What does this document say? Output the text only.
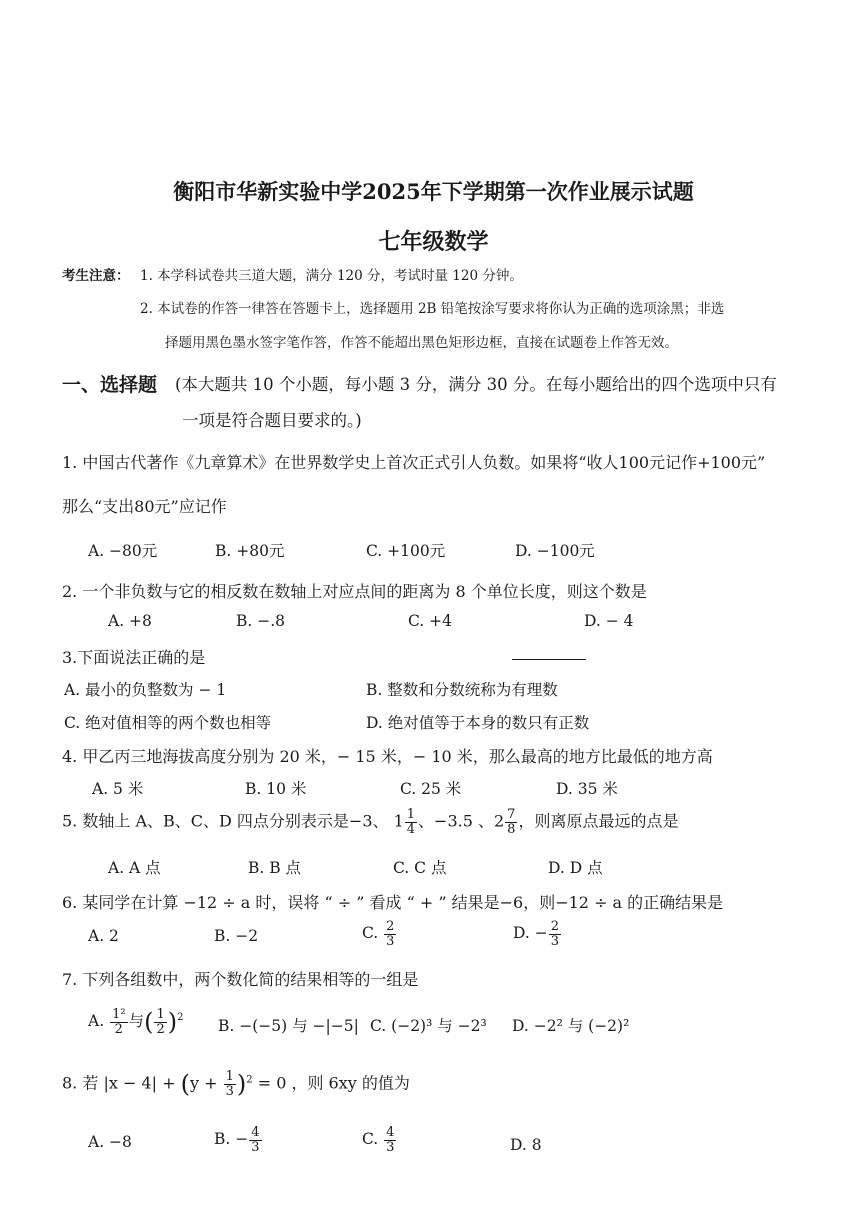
衡阳市华新实验中学2025年下学期第一次作业展示试题
七年级数学
考生注意： 1. 本学科试卷共三道大题，满分 120 分，考试时量 120 分钟。
2. 本试卷的作答一律答在答题卡上，选择题用 2B 铅笔按涂写要求将你认为正确的选项涂黑；非选
择题用黑色墨水签字笔作答，作答不能超出黑色矩形边框，直接在试题卷上作答无效。
一、选择题 (本大题共 10 个小题，每小题 3 分，满分 30 分。在每小题给出的四个选项中只有
一项是符合题目要求的。)
1. 中国古代著作《九章算术》在世界数学史上首次正式引人负数。如果将“收人100元记作+100元”
那么“支出80元”应记作
A. −80元	B. +80元	C. +100元	D. −100元
2. 一个非负数与它的相反数在数轴上对应点间的距离为 8 个单位长度，则这个数是
A. +8	B. −.8	C. +4	D. − 4
3.下面说法正确的是
A. 最小的负整数为 − 1	B. 整数和分数统称为有理数
C. 绝对值相等的两个数也相等	D. 绝对值等于本身的数只有正数
4. 甲乙丙三地海拔高度分别为 20 米，− 15 米，− 10 米，那么最高的地方比最低的地方高
A. 5 米	B. 10 米	C. 25 米	D. 35 米
5. 数轴上 A、B、C、D 四点分别表示是−3、 $1 \frac{1}{4}$ 、−3.5 、$2 \frac{7}{8}$ ，则离原点最远的点是
A. A 点	B. B 点	C. C 点	D. D 点
6. 某同学在计算 −12 ÷ a 时，误将 “ ÷ ” 看成 “ + ” 结果是−6，则−12 ÷ a 的正确结果是
A. 2	B. −2	C. $\frac{2}{3}$	D. − $\frac{2}{3}$
7. 下列各组数中，两个数化简的结果相等的一组是
A. $\frac{\text{1²}}{2}$ 与( $\frac{1}{2} )^2$ B. −(−5) 与 −|−5| C. (−2)³ 与 −2³ D. −2² 与 (−2)²
8. 若 $|x - 4| + (y + \frac{1}{3} )^2 = 0$ ，则 6xy 的值为
A. −8	B. − $\frac{4}{3}$	C. $\frac{4}{3}$	D. 8
